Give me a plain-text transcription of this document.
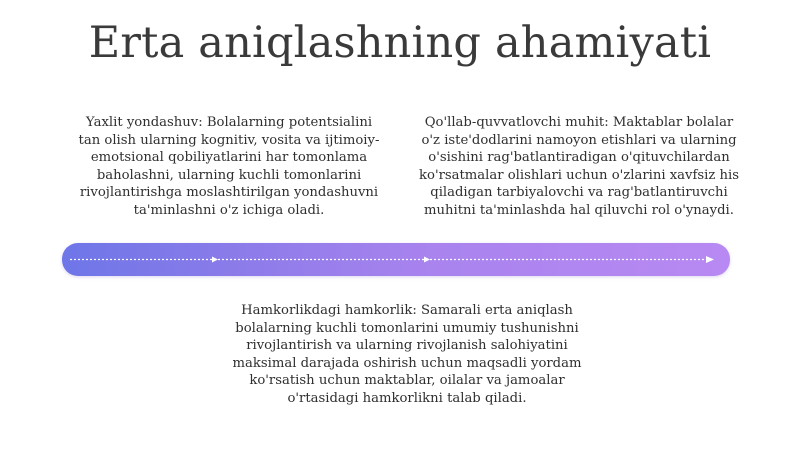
Erta aniqlashning ahamiyati
Yaxlit yondashuv: Bolalarning potentsialini tan olish ularning kognitiv, vosita va ijtimoiy-emotsional qobiliyatlarini har tomonlama baholashni, ularning kuchli tomonlarini rivojlantirishga moslashtirilgan yondashuvni ta'minlashni o'z ichiga oladi.
Qo'llab-quvvatlovchi muhit: Maktablar bolalar o'z iste'dodlarini namoyon etishlari va ularning o'sishini rag'batlantiradigan o'qituvchilardan ko'rsatmalar olishlari uchun o'zlarini xavfsiz his qiladigan tarbiyalovchi va rag'batlantiruvchi muhitni ta'minlashda hal qiluvchi rol o'ynaydi.
Hamkorlikdagi hamkorlik: Samarali erta aniqlash bolalarning kuchli tomonlarini umumiy tushunishni rivojlantirish va ularning rivojlanish salohiyatini maksimal darajada oshirish uchun maqsadli yordam ko'rsatish uchun maktablar, oilalar va jamoalar o'rtasidagi hamkorlikni talab qiladi.
